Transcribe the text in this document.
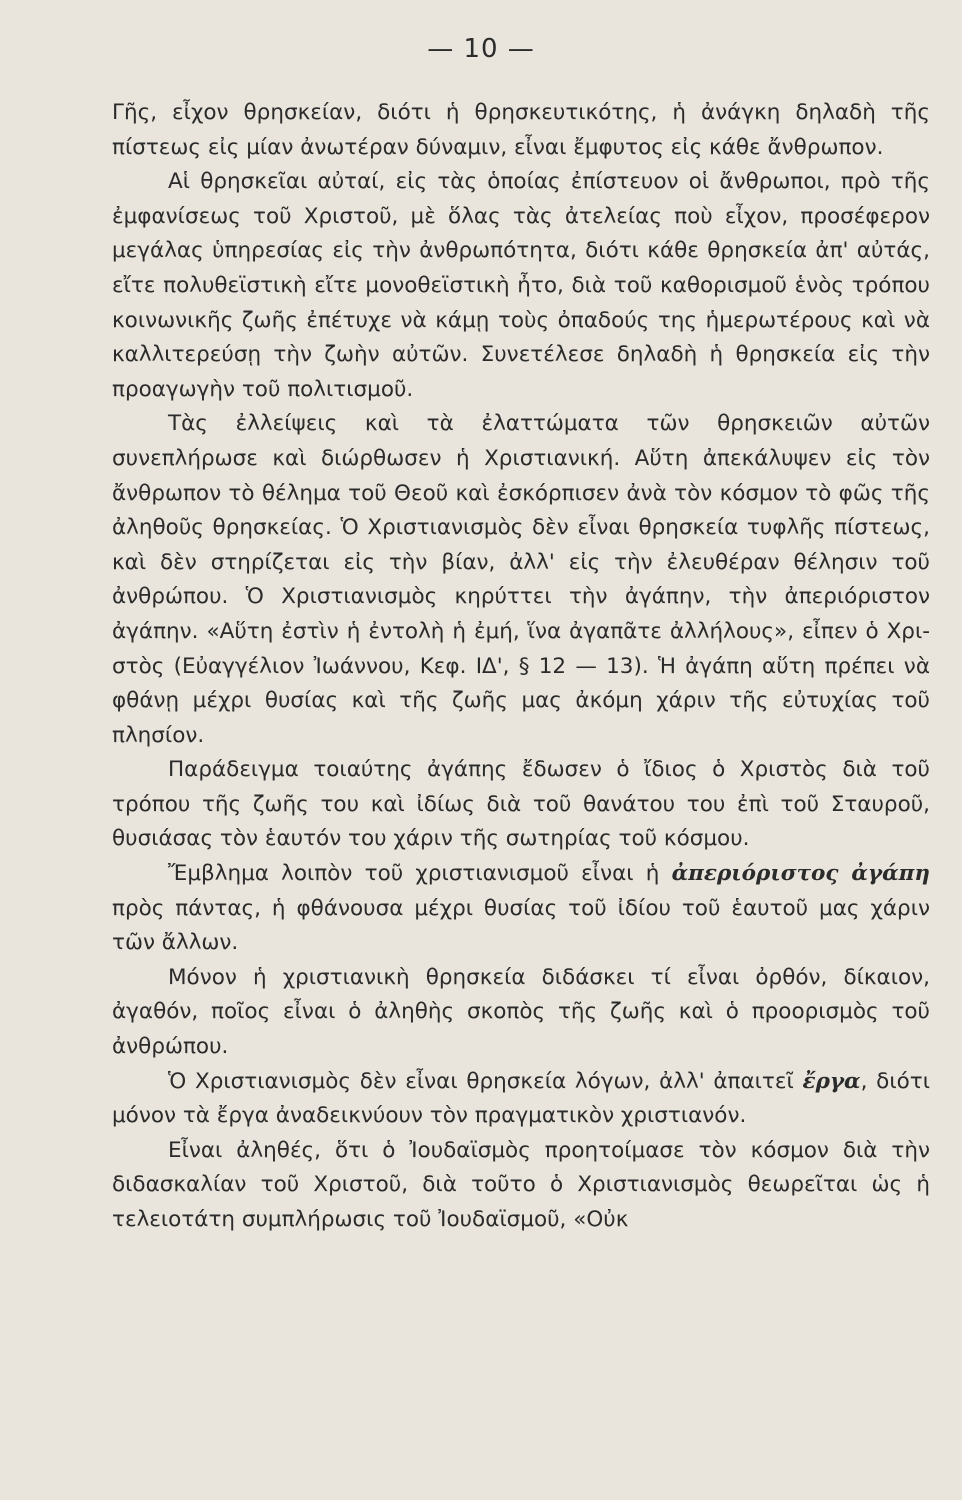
— 10 —

Γῆς, εἶχον θρησκείαν, διότι ἡ θρησκευτικότης, ἡ ἀνάγκη δηλαδὴ τῆς πίστεως εἰς μίαν ἀνωτέραν δύναμιν, εἶναι ἔμφυτος εἰς κάθε ἄνθρωπον.

Αἱ θρησκεῖαι αὐταί, εἰς τὰς ὁποίας ἐπίστευον οἱ ἄνθρωποι, πρὸ τῆς ἐμφανίσεως τοῦ Χριστοῦ, μὲ ὅλας τὰς ἀτελείας ποὺ εἶχον, προσέφερον μεγάλας ὑπηρεσίας εἰς τὴν ἀνθρωπότητα, διότι κάθε θρησκεία ἀπ' αὐτάς, εἴτε πολυθεϊστικὴ εἴτε μονοθεϊστικὴ ἦτο, διὰ τοῦ καθορισμοῦ ἑνὸς τρόπου κοινωνικῆς ζωῆς ἐπέτυχε νὰ κάμῃ τοὺς ὀπαδούς της ἡμερωτέρους καὶ νὰ καλλιτερεύσῃ τὴν ζωὴν αὐτῶν. Συνετέλεσε δηλαδὴ ἡ θρησκεία εἰς τὴν προαγωγὴν τοῦ πολιτισμοῦ.

Τὰς ἐλλείψεις καὶ τὰ ἐλαττώματα τῶν θρησκειῶν αὐτῶν συνεπλήρωσε καὶ διώρθωσεν ἡ Χριστιανική. Αὕτη ἀπεκάλυψεν εἰς τὸν ἄνθρωπον τὸ θέλημα τοῦ Θεοῦ καὶ ἐσκόρπισεν ἀνὰ τὸν κόσμον τὸ φῶς τῆς ἀληθοῦς θρησκείας. Ὁ Χριστιανισμὸς δὲν εἶναι θρησκεία τυφλῆς πίστεως, καὶ δὲν στηρίζεται εἰς τὴν βίαν, ἀλλ' εἰς τὴν ἐλευθέραν θέλησιν τοῦ ἀνθρώπου. Ὁ Χριστιανισμὸς κηρύττει τὴν ἀγάπην, τὴν ἀπεριόριστον ἀγάπην. «Αὕτη ἐστὶν ἡ ἐντολὴ ἡ ἐμή, ἵνα ἀγαπᾶτε ἀλλήλους», εἶπεν ὁ Χριστὸς (Εὐαγγέλιον Ἰωάννου, Κεφ. ΙΔ', § 12 — 13). Ἡ ἀγάπη αὕτη πρέπει νὰ φθάνῃ μέχρι θυσίας καὶ τῆς ζωῆς μας ἀκόμη χάριν τῆς εὐτυχίας τοῦ πλησίον.

Παράδειγμα τοιαύτης ἀγάπης ἔδωσεν ὁ ἴδιος ὁ Χριστὸς διὰ τοῦ τρόπου τῆς ζωῆς του καὶ ἰδίως διὰ τοῦ θανάτου του ἐπὶ τοῦ Σταυροῦ, θυσιάσας τὸν ἑαυτόν του χάριν τῆς σωτηρίας τοῦ κόσμου.

Ἔμβλημα λοιπὸν τοῦ χριστιανισμοῦ εἶναι ἡ ἀπεριόριστος ἀγάπη πρὸς πάντας, ἡ φθάνουσα μέχρι θυσίας τοῦ ἰδίου τοῦ ἑαυτοῦ μας χάριν τῶν ἄλλων.

Μόνον ἡ χριστιανικὴ θρησκεία διδάσκει τί εἶναι ὀρθόν, δίκαιον, ἀγαθόν, ποῖος εἶναι ὁ ἀληθὴς σκοπὸς τῆς ζωῆς καὶ ὁ προορισμὸς τοῦ ἀνθρώπου.

Ὁ Χριστιανισμὸς δὲν εἶναι θρησκεία λόγων, ἀλλ' ἀπαιτεῖ ἔργα, διότι μόνον τὰ ἔργα ἀναδεικνύουν τὸν πραγματικὸν χριστιανόν.

Εἶναι ἀληθές, ὅτι ὁ Ἰουδαϊσμὸς προητοίμασε τὸν κόσμον διὰ τὴν διδασκαλίαν τοῦ Χριστοῦ, διὰ τοῦτο ὁ Χριστιανισμὸς θεωρεῖται ὡς ἡ τελειοτάτη συμπλήρωσις τοῦ Ἰουδαϊσμοῦ, «Οὐκ
